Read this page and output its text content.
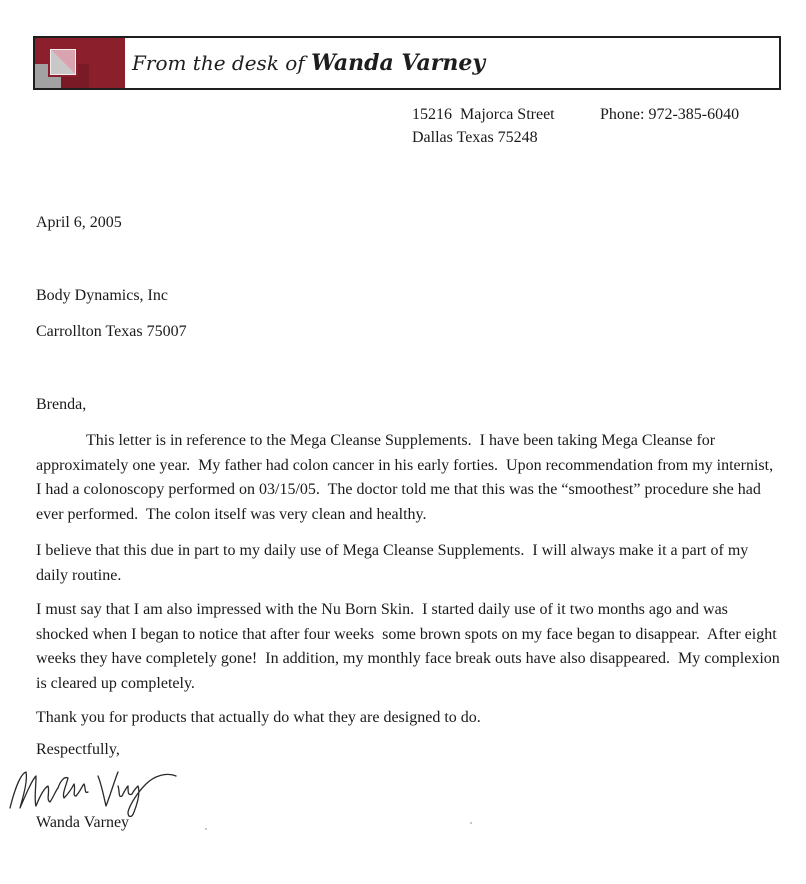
From the desk of Wanda Varney
15216  Majorca Street
Dallas Texas 75248
Phone: 972-385-6040
April 6, 2005
Body Dynamics, Inc
Carrollton Texas 75007
Brenda,

This letter is in reference to the Mega Cleanse Supplements.  I have been taking Mega Cleanse for approximately one year.  My father had colon cancer in his early forties.  Upon recommendation from my internist, I had a colonoscopy performed on 03/15/05.  The doctor told me that this was the “smoothest” procedure she had ever performed.  The colon itself was very clean and healthy.

I believe that this due in part to my daily use of Mega Cleanse Supplements.  I will always make it a part of my daily routine.

I must say that I am also impressed with the Nu Born Skin.  I started daily use of it two months ago and was shocked when I began to notice that after four weeks  some brown spots on my face began to disappear.  After eight weeks they have completely gone!  In addition, my monthly face break outs have also disappeared.  My complexion is cleared up completely.

Thank you for products that actually do what they are designed to do.

Respectfully,
Wanda Varney
